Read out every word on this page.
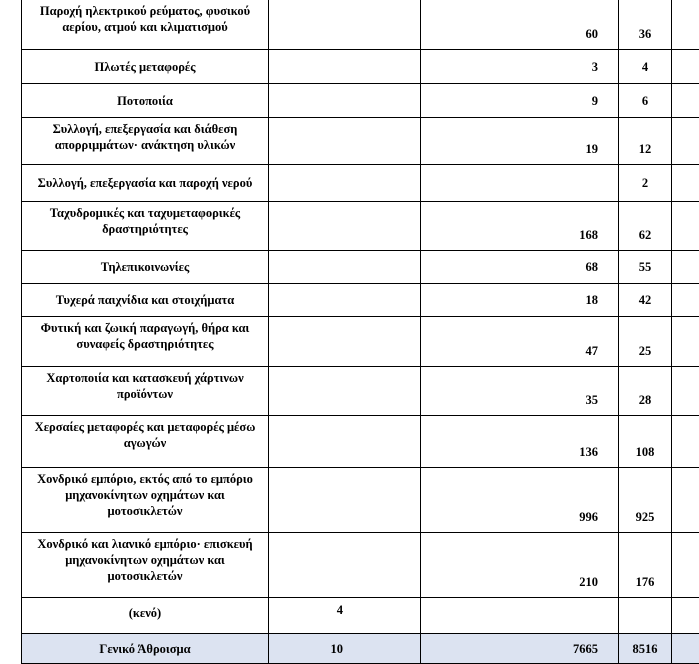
Παροχή ηλεκτρικού ρεύματος, φυσικού αερίου, ατμού και κλιματισμού		60	36	
Πλωτές μεταφορές		3	4	
Ποτοποιία		9	6	
Συλλογή, επεξεργασία και διάθεση απορριμμάτων· ανάκτηση υλικών		19	12	
Συλλογή, επεξεργασία και παροχή νερού			2	
Ταχυδρομικές και ταχυμεταφορικές δραστηριότητες		168	62	
Τηλεπικοινωνίες		68	55	
Τυχερά παιχνίδια και στοιχήματα		18	42	
Φυτική και ζωική παραγωγή, θήρα και συναφείς δραστηριότητες		47	25	
Χαρτοποιία και κατασκευή χάρτινων προϊόντων		35	28	
Χερσαίες μεταφορές και μεταφορές μέσω αγωγών		136	108	
Χονδρικό εμπόριο, εκτός από το εμπόριο μηχανοκίνητων οχημάτων και μοτοσικλετών		996	925	
Χονδρικό και λιανικό εμπόριο· επισκευή μηχανοκίνητων οχημάτων και μοτοσικλετών		210	176	
(κενό)	4			
Γενικό Άθροισμα	10	7665	8516	
